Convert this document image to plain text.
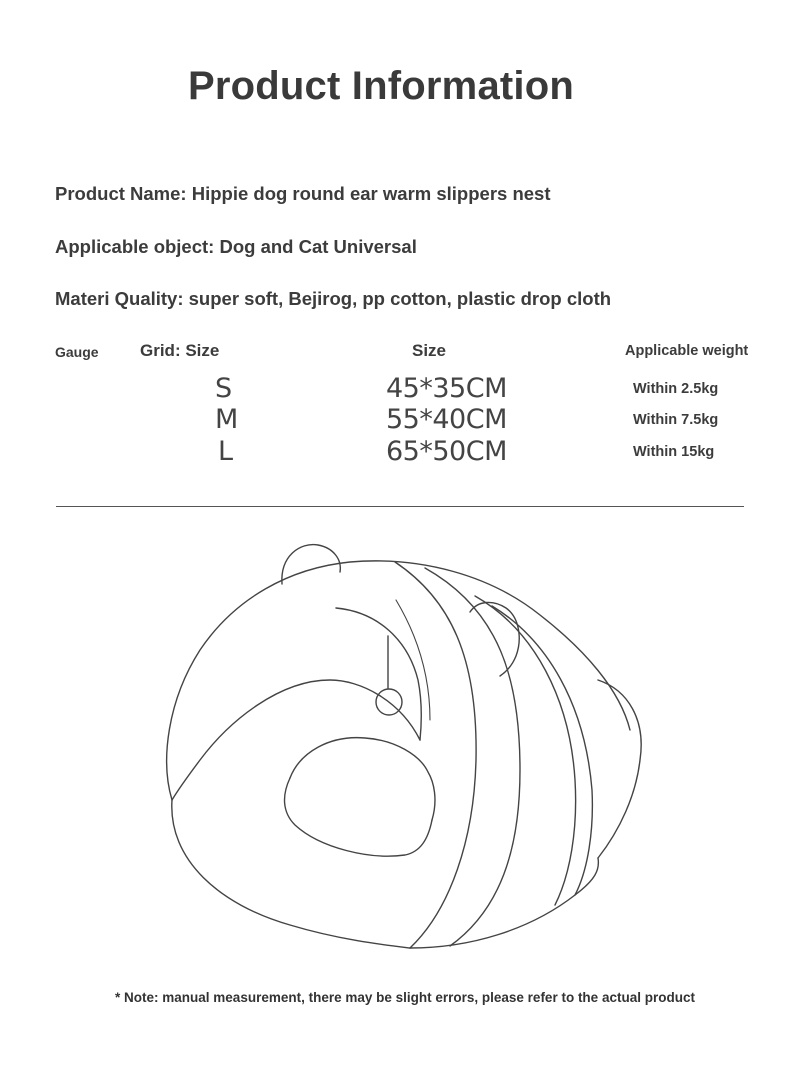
Product Information
Product Name: Hippie dog round ear warm slippers nest
Applicable object: Dog and Cat Universal
Materi Quality: super soft, Bejirog, pp cotton, plastic drop cloth
Gauge Grid: Size	Size	Applicable weight
S	45*35CM	Within 2.5kg
M	55*40CM	Within 7.5kg
L	65*50CM	Within 15kg
* Note: manual measurement, there may be slight errors, please refer to the actual product
